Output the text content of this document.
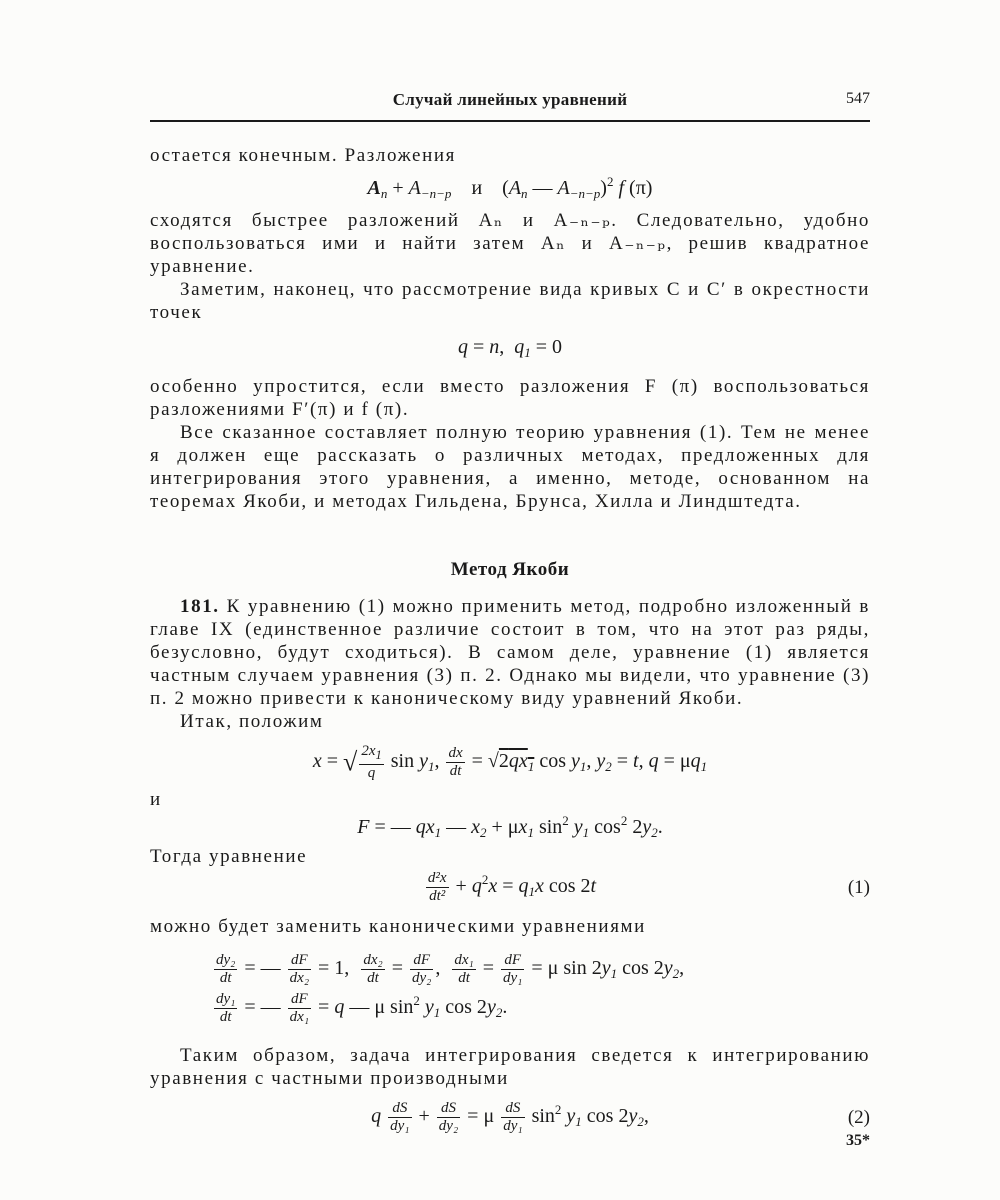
Случай линейных уравнений	547

остается конечным. Разложения

$A_n + A_{-n-p}$    и    ($A_n$ — $A_{-n-p})^2$ f (π)

сходятся быстрее разложений Aₙ и A₋ₙ₋ₚ. Следовательно, удобно воспользоваться ими и найти затем Aₙ и A₋ₙ₋ₚ, решив квадратное уравнение.

Заметим, наконец, что рассмотрение вида кривых C и C′ в окрестности точек

q = n,  $q_1 = 0$

особенно упростится, если вместо разложения F (π) воспользоваться разложениями F′(π) и f (π).

Все сказанное составляет полную теорию уравнения (1). Тем не менее я должен еще рассказать о различных методах, предложенных для интегрирования этого уравнения, а именно, методе, основанном на теоремах Якоби, и методах Гильдена, Брунса, Хилла и Линдштедта.

Метод Якоби

181. К уравнению (1) можно применить метод, подробно изложенный в главе IX (единственное различие состоит в том, что на этот раз ряды, безусловно, будут сходиться). В самом деле, уравнение (1) является частным случаем уравнения (3) п. 2. Однако мы видели, что уравнение (3) п. 2 можно привести к каноническому виду уравнений Якоби.

Итак, положим

x = √ $\frac{2x_1}{q}$ $\sin y_1$, $\frac{dx}{dt} = √2qx_1$ $\cos y_1$, $y_2 = t$, $q = \mu q_1$

и

F = — $qx_1$ — $x_2 + \mu x_1$ $\sin^2 y_1$ $\cos^2 2y_2$.

Тогда уравнение

$\frac{\text{d²x}}{\text{dt²}} + q^2x = q_1x$ cos 2t	(1)

можно будет заменить каноническими уравнениями

$\frac{\text{dy₂}}{dt}$ = — $\frac{dF}{\text{dx₂}} = 1$, $\frac{\text{dx₂}}{dt} = \frac{dF}{\text{dy₂}}$ , $\frac{\text{dx₁}}{dt} = \frac{dF}{\text{dy₁}} = \mu$ $\sin 2y_1$ $\cos 2y_2$,
$\frac{\text{dy₁}}{dt}$ = — $\frac{dF}{\text{dx₁}} = q$ — μ $\sin^2 y_1$ $\cos 2y_2$.

Таким образом, задача интегрирования сведется к интегрированию уравнения с частными производными

q $\frac{dS}{\text{dy₁}} + \frac{dS}{\text{dy₂}} = \mu \frac{dS}{\text{dy₁}} \sin^2 y_1$ $\cos 2y_2$,	(2)
35*
